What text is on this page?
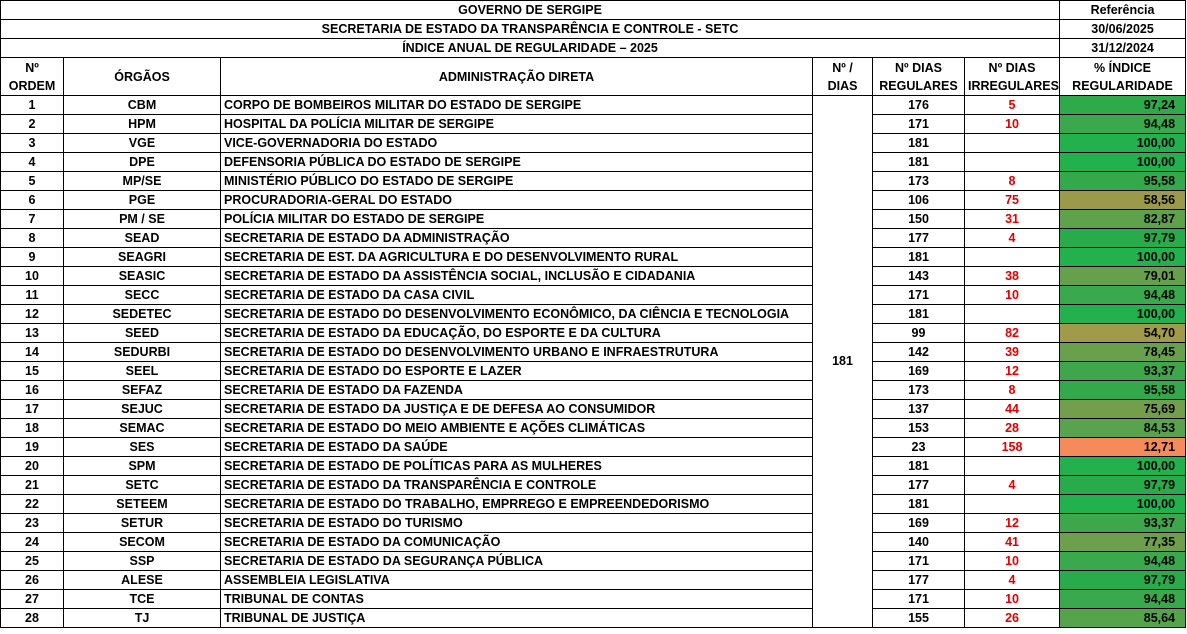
GOVERNO DE SERGIPE						Referência
SECRETARIA DE ESTADO DA TRANSPARÊNCIA E CONTROLE - SETC						30/06/2025
ÍNDICE ANUAL DE REGULARIDADE – 2025						31/12/2024
Nº ORDEM	ÓRGÃOS	ADMINISTRAÇÃO DIRETA	Nº / DIAS	Nº DIAS REGULARES	Nº DIAS IRREGULARES	% ÍNDICE REGULARIDADE
1	CBM	CORPO DE BOMBEIROS MILITAR DO ESTADO DE SERGIPE	181	176	5	97,24
2	HPM	HOSPITAL DA POLÍCIA MILITAR DE SERGIPE		171	10	94,48
3	VGE	VICE-GOVERNADORIA DO ESTADO		181		100,00
4	DPE	DEFENSORIA PÚBLICA DO ESTADO DE SERGIPE		181		100,00
5	MP/SE	MINISTÉRIO PÚBLICO DO ESTADO DE SERGIPE		173	8	95,58
6	PGE	PROCURADORIA-GERAL DO ESTADO		106	75	58,56
7	PM / SE	POLÍCIA MILITAR DO ESTADO DE SERGIPE		150	31	82,87
8	SEAD	SECRETARIA DE ESTADO DA ADMINISTRAÇÃO		177	4	97,79
9	SEAGRI	SECRETARIA DE EST. DA AGRICULTURA E DO DESENVOLVIMENTO RURAL		181		100,00
10	SEASIC	SECRETARIA DE ESTADO DA ASSISTÊNCIA SOCIAL, INCLUSÃO E CIDADANIA		143	38	79,01
11	SECC	SECRETARIA DE ESTADO DA CASA CIVIL		171	10	94,48
12	SEDETEC	SECRETARIA DE ESTADO DO DESENVOLVIMENTO ECONÔMICO, DA CIÊNCIA E TECNOLOGIA		181		100,00
13	SEED	SECRETARIA DE ESTADO DA EDUCAÇÃO, DO ESPORTE E DA CULTURA		99	82	54,70
14	SEDURBI	SECRETARIA DE ESTADO DO DESENVOLVIMENTO URBANO E INFRAESTRUTURA		142	39	78,45
15	SEEL	SECRETARIA DE ESTADO DO ESPORTE E LAZER		169	12	93,37
16	SEFAZ	SECRETARIA DE ESTADO DA FAZENDA		173	8	95,58
17	SEJUC	SECRETARIA DE ESTADO DA JUSTIÇA E DE DEFESA AO CONSUMIDOR		137	44	75,69
18	SEMAC	SECRETARIA DE ESTADO DO MEIO AMBIENTE E AÇÕES CLIMÁTICAS		153	28	84,53
19	SES	SECRETARIA DE ESTADO DA SAÚDE		23	158	12,71
20	SPM	SECRETARIA DE ESTADO DE POLÍTICAS PARA AS MULHERES		181		100,00
21	SETC	SECRETARIA DE ESTADO DA TRANSPARÊNCIA E CONTROLE		177	4	97,79
22	SETEEM	SECRETARIA DE ESTADO DO TRABALHO, EMPRREGO E EMPREENDEDORISMO		181		100,00
23	SETUR	SECRETARIA DE ESTADO DO TURISMO		169	12	93,37
24	SECOM	SECRETARIA DE ESTADO DA COMUNICAÇÃO		140	41	77,35
25	SSP	SECRETARIA DE ESTADO DA SEGURANÇA PÚBLICA		171	10	94,48
26	ALESE	ASSEMBLEIA LEGISLATIVA		177	4	97,79
27	TCE	TRIBUNAL DE CONTAS		171	10	94,48
28	TJ	TRIBUNAL DE JUSTIÇA		155	26	85,64
